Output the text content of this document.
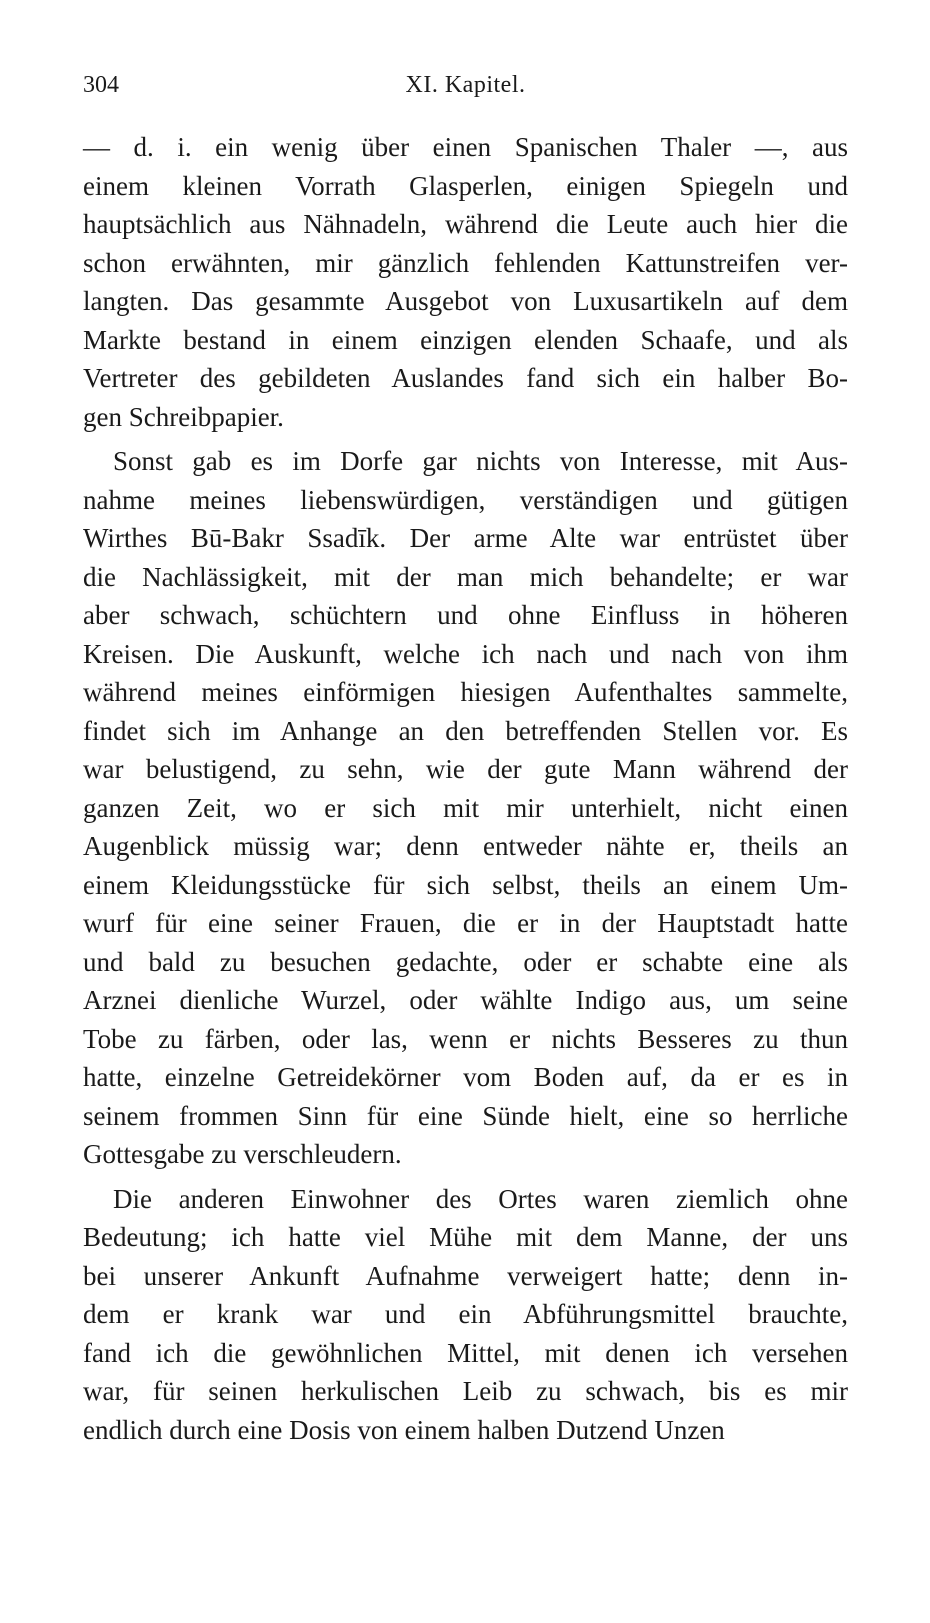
304	XI. Kapitel.
— d. i. ein wenig über einen Spanischen Thaler —, aus
einem kleinen Vorrath Glasperlen, einigen Spiegeln und
hauptsächlich aus Nähnadeln, während die Leute auch hier die
schon erwähnten, mir gänzlich fehlenden Kattunstreifen ver-
langten. Das gesammte Ausgebot von Luxusartikeln auf dem
Markte bestand in einem einzigen elenden Schaafe, und als
Vertreter des gebildeten Auslandes fand sich ein halber Bo-
gen Schreibpapier.
Sonst gab es im Dorfe gar nichts von Interesse, mit Aus-
nahme meines liebenswürdigen, verständigen und gütigen
Wirthes Bū-Bakr Ssadīk. Der arme Alte war entrüstet über
die Nachlässigkeit, mit der man mich behandelte; er war
aber schwach, schüchtern und ohne Einfluss in höheren
Kreisen. Die Auskunft, welche ich nach und nach von ihm
während meines einförmigen hiesigen Aufenthaltes sammelte,
findet sich im Anhange an den betreffenden Stellen vor. Es
war belustigend, zu sehn, wie der gute Mann während der
ganzen Zeit, wo er sich mit mir unterhielt, nicht einen
Augenblick müssig war; denn entweder nähte er, theils an
einem Kleidungsstücke für sich selbst, theils an einem Um-
wurf für eine seiner Frauen, die er in der Hauptstadt hatte
und bald zu besuchen gedachte, oder er schabte eine als
Arznei dienliche Wurzel, oder wählte Indigo aus, um seine
Tobe zu färben, oder las, wenn er nichts Besseres zu thun
hatte, einzelne Getreidekörner vom Boden auf, da er es in
seinem frommen Sinn für eine Sünde hielt, eine so herrliche
Gottesgabe zu verschleudern.
Die anderen Einwohner des Ortes waren ziemlich ohne
Bedeutung; ich hatte viel Mühe mit dem Manne, der uns
bei unserer Ankunft Aufnahme verweigert hatte; denn in-
dem er krank war und ein Abführungsmittel brauchte,
fand ich die gewöhnlichen Mittel, mit denen ich versehen
war, für seinen herkulischen Leib zu schwach, bis es mir
endlich durch eine Dosis von einem halben Dutzend Unzen
